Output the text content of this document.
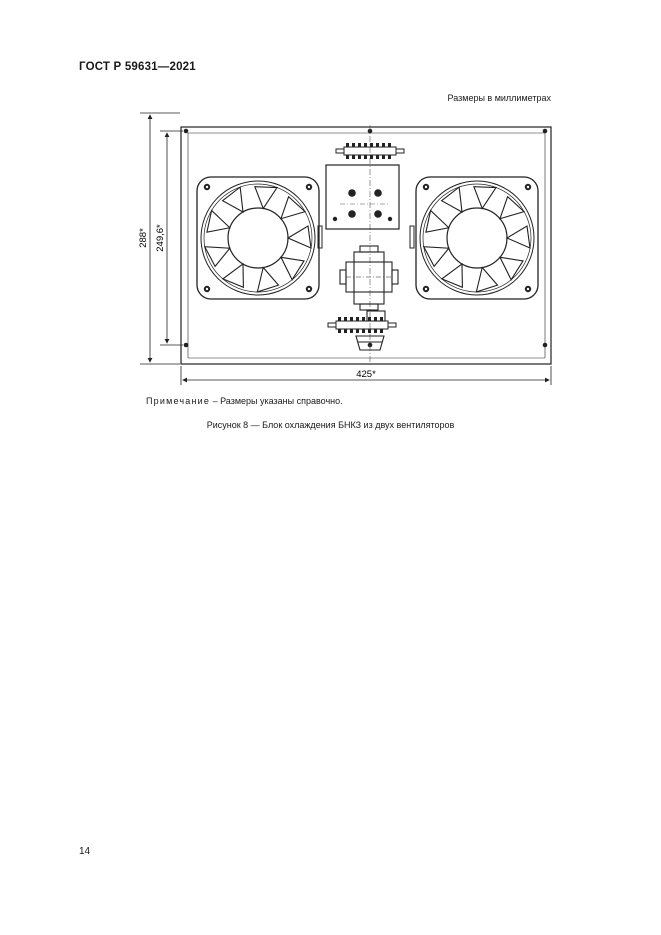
ГОСТ Р 59631—2021
Размеры в миллиметрах
288* 249,6*
425*
Примечание – Размеры указаны справочно.
Рисунок 8 — Блок охлаждения БНКЗ из двух вентиляторов
14
